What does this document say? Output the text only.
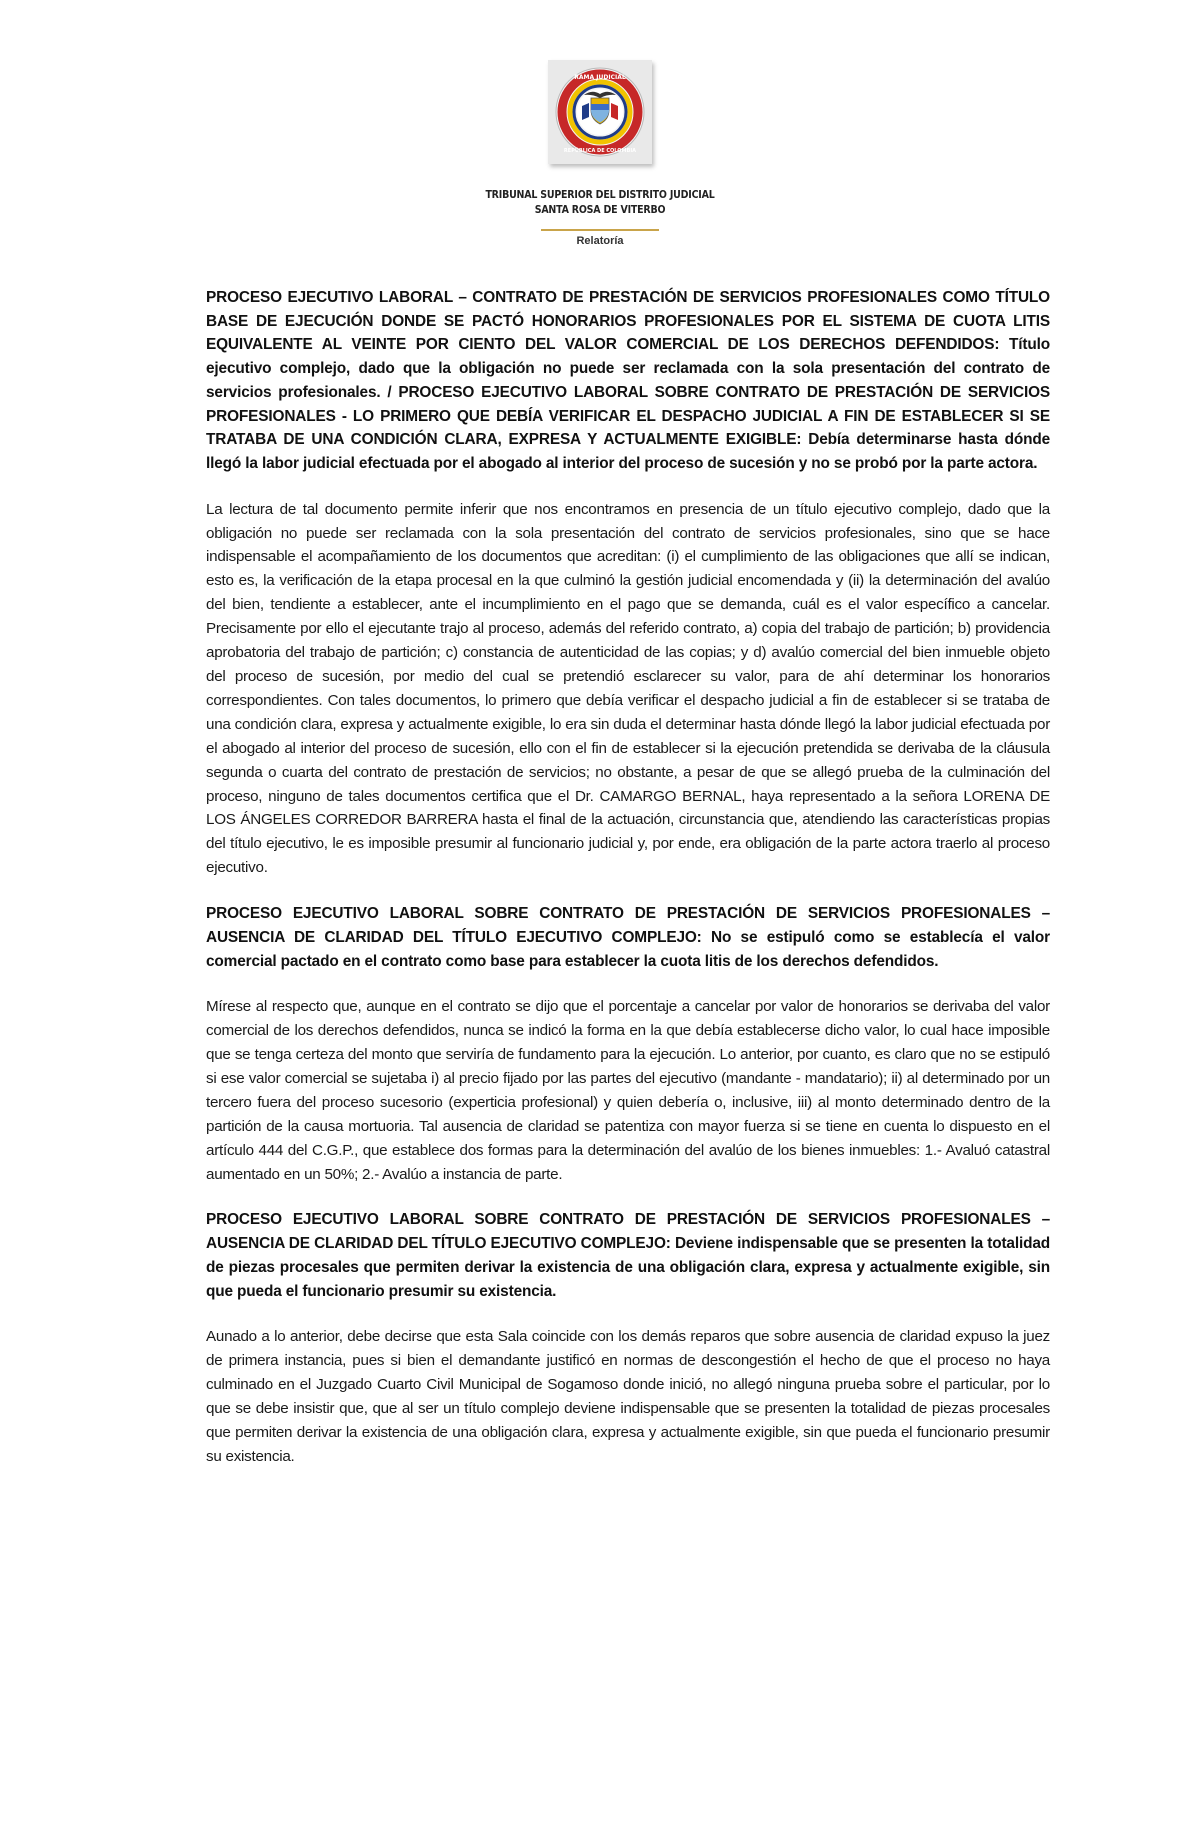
RAMA JUDICIAL
REPÚBLICA DE COLOMBIA
TRIBUNAL SUPERIOR DEL DISTRITO JUDICIAL
SANTA ROSA DE VITERBO
Relatoría

PROCESO EJECUTIVO LABORAL – CONTRATO DE PRESTACIÓN DE SERVICIOS PROFESIONALES COMO TÍTULO BASE DE EJECUCIÓN DONDE SE PACTÓ HONORARIOS PROFESIONALES POR EL SISTEMA DE CUOTA LITIS EQUIVALENTE AL VEINTE POR CIENTO DEL VALOR COMERCIAL DE LOS DERECHOS DEFENDIDOS: Título ejecutivo complejo, dado que la obligación no puede ser reclamada con la sola presentación del contrato de servicios profesionales. / PROCESO EJECUTIVO LABORAL SOBRE CONTRATO DE PRESTACIÓN DE SERVICIOS PROFESIONALES - LO PRIMERO QUE DEBÍA VERIFICAR EL DESPACHO JUDICIAL A FIN DE ESTABLECER SI SE TRATABA DE UNA CONDICIÓN CLARA, EXPRESA Y ACTUALMENTE EXIGIBLE: Debía determinarse hasta dónde llegó la labor judicial efectuada por el abogado al interior del proceso de sucesión y no se probó por la parte actora.

La lectura de tal documento permite inferir que nos encontramos en presencia de un título ejecutivo complejo, dado que la obligación no puede ser reclamada con la sola presentación del contrato de servicios profesionales, sino que se hace indispensable el acompañamiento de los documentos que acreditan: (i) el cumplimiento de las obligaciones que allí se indican, esto es, la verificación de la etapa procesal en la que culminó la gestión judicial encomendada y (ii) la determinación del avalúo del bien, tendiente a establecer, ante el incumplimiento en el pago que se demanda, cuál es el valor específico a cancelar. Precisamente por ello el ejecutante trajo al proceso, además del referido contrato, a) copia del trabajo de partición; b) providencia aprobatoria del trabajo de partición; c) constancia de autenticidad de las copias; y d) avalúo comercial del bien inmueble objeto del proceso de sucesión, por medio del cual se pretendió esclarecer su valor, para de ahí determinar los honorarios correspondientes. Con tales documentos, lo primero que debía verificar el despacho judicial a fin de establecer si se trataba de una condición clara, expresa y actualmente exigible, lo era sin duda el determinar hasta dónde llegó la labor judicial efectuada por el abogado al interior del proceso de sucesión, ello con el fin de establecer si la ejecución pretendida se derivaba de la cláusula segunda o cuarta del contrato de prestación de servicios; no obstante, a pesar de que se allegó prueba de la culminación del proceso, ninguno de tales documentos certifica que el Dr. CAMARGO BERNAL, haya representado a la señora LORENA DE LOS ÁNGELES CORREDOR BARRERA hasta el final de la actuación, circunstancia que, atendiendo las características propias del título ejecutivo, le es imposible presumir al funcionario judicial y, por ende, era obligación de la parte actora traerlo al proceso ejecutivo.

PROCESO EJECUTIVO LABORAL SOBRE CONTRATO DE PRESTACIÓN DE SERVICIOS PROFESIONALES – AUSENCIA DE CLARIDAD DEL TÍTULO EJECUTIVO COMPLEJO: No se estipuló como se establecía el valor comercial pactado en el contrato como base para establecer la cuota litis de los derechos defendidos.

Mírese al respecto que, aunque en el contrato se dijo que el porcentaje a cancelar por valor de honorarios se derivaba del valor comercial de los derechos defendidos, nunca se indicó la forma en la que debía establecerse dicho valor, lo cual hace imposible que se tenga certeza del monto que serviría de fundamento para la ejecución. Lo anterior, por cuanto, es claro que no se estipuló si ese valor comercial se sujetaba i) al precio fijado por las partes del ejecutivo (mandante - mandatario); ii) al determinado por un tercero fuera del proceso sucesorio (experticia profesional) y quien debería o, inclusive, iii) al monto determinado dentro de la partición de la causa mortuoria. Tal ausencia de claridad se patentiza con mayor fuerza si se tiene en cuenta lo dispuesto en el artículo 444 del C.G.P., que establece dos formas para la determinación del avalúo de los bienes inmuebles: 1.- Avaluó catastral aumentado en un 50%; 2.- Avalúo a instancia de parte.

PROCESO EJECUTIVO LABORAL SOBRE CONTRATO DE PRESTACIÓN DE SERVICIOS PROFESIONALES – AUSENCIA DE CLARIDAD DEL TÍTULO EJECUTIVO COMPLEJO: Deviene indispensable que se presenten la totalidad de piezas procesales que permiten derivar la existencia de una obligación clara, expresa y actualmente exigible, sin que pueda el funcionario presumir su existencia.

Aunado a lo anterior, debe decirse que esta Sala coincide con los demás reparos que sobre ausencia de claridad expuso la juez de primera instancia, pues si bien el demandante justificó en normas de descongestión el hecho de que el proceso no haya culminado en el Juzgado Cuarto Civil Municipal de Sogamoso donde inició, no allegó ninguna prueba sobre el particular, por lo que se debe insistir que, que al ser un título complejo deviene indispensable que se presenten la totalidad de piezas procesales que permiten derivar la existencia de una obligación clara, expresa y actualmente exigible, sin que pueda el funcionario presumir su existencia.
